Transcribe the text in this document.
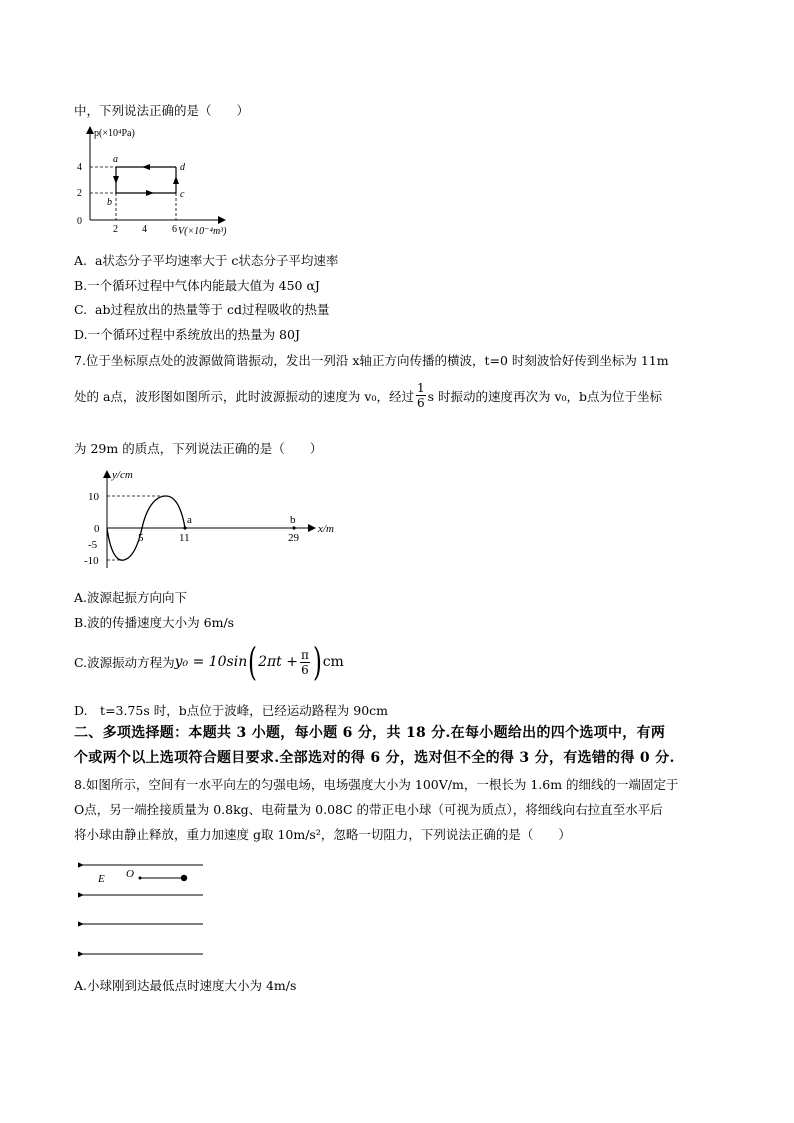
中，下列说法正确的是（　　）
p(×10⁴Pa)
V(×10⁻⁴m³)
4
2
0
2 4	6
a
b
c
d
A. a状态分子平均速率大于 c状态分子平均速率
B.一个循环过程中气体内能最大值为 450 αJ
C. ab过程放出的热量等于 cd过程吸收的热量
D.一个循环过程中系统放出的热量为 80J
7.位于坐标原点处的波源做简谐振动，发出一列沿 x轴正方向传播的横波，t=0 时刻波恰好传到坐标为 11m
处的 a点，波形图如图所示，此时波源振动的速度为 v₀，经过 $\frac{1}{6}$ s 时振动的速度再次为 v₀，b点为位于坐标
为 29m 的质点，下列说法正确的是（　　）
y/cm
x/m
10
0
-5
-10
5	11	29
a	b
A.波源起振方向向下
B.波的传播速度大小为 6m/s
C.波源振动方程为 y₀ = 10sin ( $2\pi t + \frac{\pi}{6}$ ) cm
D.　t=3.75s 时，b点位于波峰，已经运动路程为 90cm
二、多项选择题：本题共 3 小题，每小题 6 分，共 18 分.在每小题给出的四个选项中，有两
个或两个以上选项符合题目要求.全部选对的得 6 分，选对但不全的得 3 分，有选错的得 0 分.
8.如图所示，空间有一水平向左的匀强电场，电场强度大小为 100V/m，一根长为 1.6m 的细线的一端固定于
O点，另一端拴接质量为 0.8kg、电荷量为 0.08C 的带正电小球（可视为质点），将细线向右拉直至水平后
将小球由静止释放，重力加速度 g取 10m/s²，忽略一切阻力，下列说法正确的是（　　）
E O
A.小球刚到达最低点时速度大小为 4m/s
